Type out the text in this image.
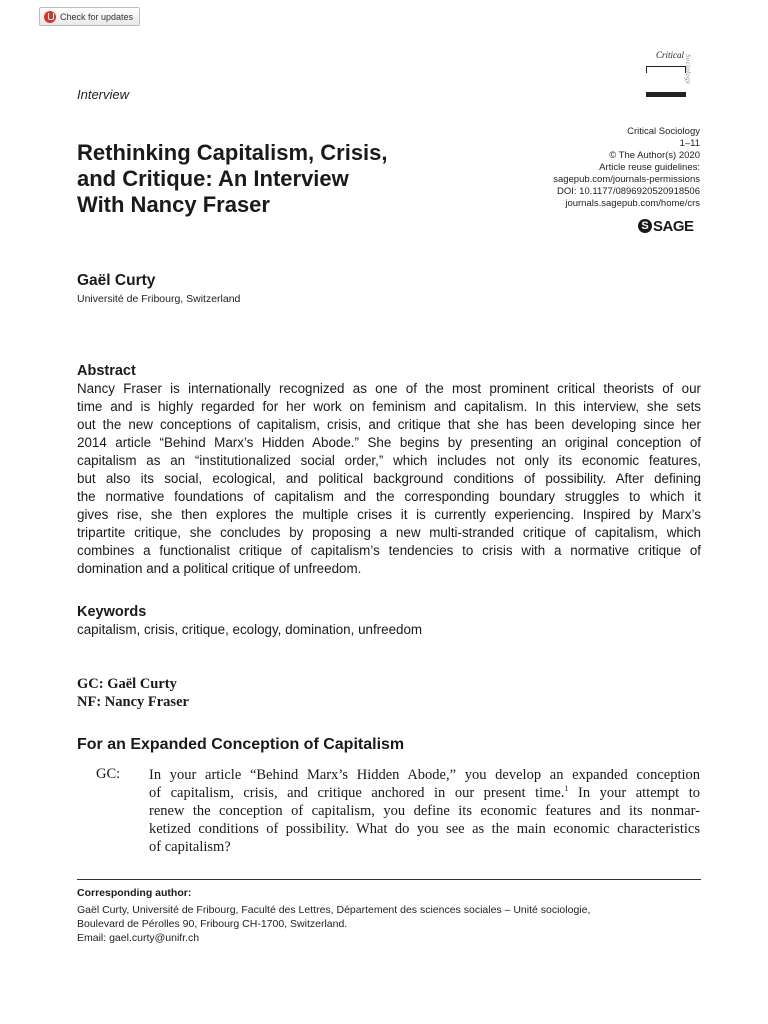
Check for updates
Critical Sociology
Interview
Rethinking Capitalism, Crisis,
and Critique: An Interview
With Nancy Fraser
Critical Sociology
1–11
© The Author(s) 2020
Article reuse guidelines:
sagepub.com/journals-permissions
DOI: 10.1177/0896920520918506
journals.sagepub.com/home/crs
S SAGE
Gaël Curty
Université de Fribourg, Switzerland
Abstract

Nancy Fraser is internationally recognized as one of the most prominent critical theorists of our
time and is highly regarded for her work on feminism and capitalism. In this interview, she sets
out the new conceptions of capitalism, crisis, and critique that she has been developing since her
2014 article “Behind Marx’s Hidden Abode.” She begins by presenting an original conception of
capitalism as an “institutionalized social order,” which includes not only its economic features,
but also its social, ecological, and political background conditions of possibility. After defining
the normative foundations of capitalism and the corresponding boundary struggles to which it
gives rise, she then explores the multiple crises it is currently experiencing. Inspired by Marx’s
tripartite critique, she concludes by proposing a new multi-stranded critique of capitalism, which
combines a functionalist critique of capitalism’s tendencies to crisis with a normative critique of
domination and a political critique of unfreedom.

Keywords
capitalism, crisis, critique, ecology, domination, unfreedom
GC: Gaël Curty
NF: Nancy Fraser
For an Expanded Conception of Capitalism
GC: In your article “Behind Marx’s Hidden Abode,” you develop an expanded conception
of capitalism, crisis, and critique anchored in our present time.$^1$ In your attempt to
renew the conception of capitalism, you define its economic features and its nonmar-
ketized conditions of possibility. What do you see as the main economic characteristics
of capitalism?

Corresponding author:
Gaël Curty, Université de Fribourg, Faculté des Lettres, Département des sciences sociales – Unité sociologie,
Boulevard de Pérolles 90, Fribourg CH-1700, Switzerland.
Email: gael.curty@unifr.ch
